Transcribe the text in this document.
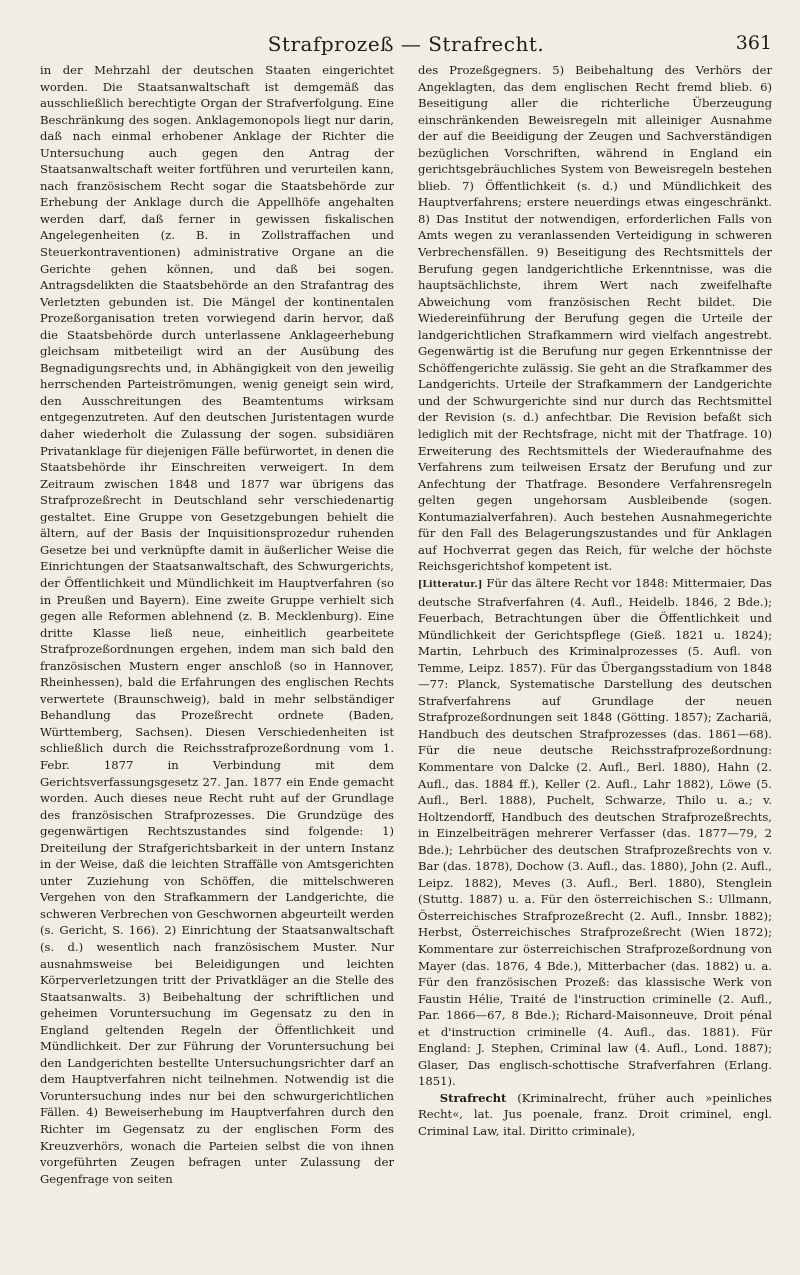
Strafprozeß — Strafrecht.	361

in der Mehrzahl der deutschen Staaten eingerichtet worden. Die Staatsanwaltschaft ist demgemäß das ausschließlich berechtigte Organ der Strafverfolgung. Eine Beschränkung des sogen. Anklagemonopols liegt nur darin, daß nach einmal erhobener Anklage der Richter die Untersuchung auch gegen den Antrag der Staatsanwaltschaft weiter fortführen und verurteilen kann, nach französischem Recht sogar die Staatsbehörde zur Erhebung der Anklage durch die Appellhöfe angehalten werden darf, daß ferner in gewissen fiskalischen Angelegenheiten (z. B. in Zollstraffachen und Steuerkontraventionen) administrative Organe an die Gerichte gehen können, und daß bei sogen. Antragsdelikten die Staatsbehörde an den Strafantrag des Verletzten gebunden ist. Die Mängel der kontinentalen Prozeßorganisation treten vorwiegend darin hervor, daß die Staatsbehörde durch unterlassene Anklageerhebung gleichsam mitbeteiligt wird an der Ausübung des Begnadigungsrechts und, in Abhängigkeit von den jeweilig herrschenden Parteiströmungen, wenig geneigt sein wird, den Ausschreitungen des Beamtentums wirksam entgegenzutreten. Auf den deutschen Juristentagen wurde daher wiederholt die Zulassung der sogen. subsidiären Privatanklage für diejenigen Fälle befürwortet, in denen die Staatsbehörde ihr Einschreiten verweigert. In dem Zeitraum zwischen 1848 und 1877 war übrigens das Strafprozeßrecht in Deutschland sehr verschiedenartig gestaltet. Eine Gruppe von Gesetzgebungen behielt die ältern, auf der Basis der Inquisitionsprozedur ruhenden Gesetze bei und verknüpfte damit in äußerlicher Weise die Einrichtungen der Staatsanwaltschaft, des Schwurgerichts, der Öffentlichkeit und Mündlichkeit im Hauptverfahren (so in Preußen und Bayern). Eine zweite Gruppe verhielt sich gegen alle Reformen ablehnend (z. B. Mecklenburg). Eine dritte Klasse ließ neue, einheitlich gearbeitete Strafprozeßordnungen ergehen, indem man sich bald den französischen Mustern enger anschloß (so in Hannover, Rheinhessen), bald die Erfahrungen des englischen Rechts verwertete (Braunschweig), bald in mehr selbständiger Behandlung das Prozeßrecht ordnete (Baden, Württemberg, Sachsen). Diesen Verschiedenheiten ist schließlich durch die Reichsstrafprozeßordnung vom 1. Febr. 1877 in Verbindung mit dem Gerichtsverfassungsgesetz 27. Jan. 1877 ein Ende gemacht worden. Auch dieses neue Recht ruht auf der Grundlage des französischen Strafprozesses. Die Grundzüge des gegenwärtigen Rechtszustandes sind folgende: 1) Dreiteilung der Strafgerichtsbarkeit in der untern Instanz in der Weise, daß die leichten Straffälle von Amtsgerichten unter Zuziehung von Schöffen, die mittelschweren Vergehen von den Strafkammern der Landgerichte, die schweren Verbrechen von Geschwornen abgeurteilt werden (s. Gericht, S. 166). 2) Einrichtung der Staatsanwaltschaft (s. d.) wesentlich nach französischem Muster. Nur ausnahmsweise bei Beleidigungen und leichten Körperverletzungen tritt der Privatkläger an die Stelle des Staatsanwalts. 3) Beibehaltung der schriftlichen und geheimen Voruntersuchung im Gegensatz zu den in England geltenden Regeln der Öffentlichkeit und Mündlichkeit. Der zur Führung der Voruntersuchung bei den Landgerichten bestellte Untersuchungsrichter darf an dem Hauptverfahren nicht teilnehmen. Notwendig ist die Voruntersuchung indes nur bei den schwurgerichtlichen Fällen. 4) Beweiserhebung im Hauptverfahren durch den Richter im Gegensatz zu der englischen Form des Kreuzverhörs, wonach die Parteien selbst die von ihnen vorgeführten Zeugen befragen unter Zulassung der Gegenfrage von seiten

des Prozeßgegners. 5) Beibehaltung des Verhörs der Angeklagten, das dem englischen Recht fremd blieb. 6) Beseitigung aller die richterliche Überzeugung einschränkenden Beweisregeln mit alleiniger Ausnahme der auf die Beeidigung der Zeugen und Sachverständigen bezüglichen Vorschriften, während in England ein gerichtsgebräuchliches System von Beweisregeln bestehen blieb. 7) Öffentlichkeit (s. d.) und Mündlichkeit des Hauptverfahrens; erstere neuerdings etwas eingeschränkt. 8) Das Institut der notwendigen, erforderlichen Falls von Amts wegen zu veranlassenden Verteidigung in schweren Verbrechensfällen. 9) Beseitigung des Rechtsmittels der Berufung gegen landgerichtliche Erkenntnisse, was die hauptsächlichste, ihrem Wert nach zweifelhafte Abweichung vom französischen Recht bildet. Die Wiedereinführung der Berufung gegen die Urteile der landgerichtlichen Strafkammern wird vielfach angestrebt. Gegenwärtig ist die Berufung nur gegen Erkenntnisse der Schöffengerichte zulässig. Sie geht an die Strafkammer des Landgerichts. Urteile der Strafkammern der Landgerichte und der Schwurgerichte sind nur durch das Rechtsmittel der Revision (s. d.) anfechtbar. Die Revision befaßt sich lediglich mit der Rechtsfrage, nicht mit der Thatfrage. 10) Erweiterung des Rechtsmittels der Wiederaufnahme des Verfahrens zum teilweisen Ersatz der Berufung und zur Anfechtung der Thatfrage. Besondere Verfahrensregeln gelten gegen ungehorsam Ausbleibende (sogen. Kontumazialverfahren). Auch bestehen Ausnahmegerichte für den Fall des Belagerungszustandes und für Anklagen auf Hochverrat gegen das Reich, für welche der höchste Reichsgerichtshof kompetent ist.

[Litteratur.] Für das ältere Recht vor 1848: Mittermaier, Das deutsche Strafverfahren (4. Aufl., Heidelb. 1846, 2 Bde.); Feuerbach, Betrachtungen über die Öffentlichkeit und Mündlichkeit der Gerichtspflege (Gieß. 1821 u. 1824); Martin, Lehrbuch des Kriminalprozesses (5. Aufl. von Temme, Leipz. 1857). Für das Übergangsstadium von 1848—77: Planck, Systematische Darstellung des deutschen Strafverfahrens auf Grundlage der neuen Strafprozeßordnungen seit 1848 (Götting. 1857); Zachariä, Handbuch des deutschen Strafprozesses (das. 1861—68). Für die neue deutsche Reichsstrafprozeßordnung: Kommentare von Dalcke (2. Aufl., Berl. 1880), Hahn (2. Aufl., das. 1884 ff.), Keller (2. Aufl., Lahr 1882), Löwe (5. Aufl., Berl. 1888), Puchelt, Schwarze, Thilo u. a.; v. Holtzendorff, Handbuch des deutschen Strafprozeßrechts, in Einzelbeiträgen mehrerer Verfasser (das. 1877—79, 2 Bde.); Lehrbücher des deutschen Strafprozeßrechts von v. Bar (das. 1878), Dochow (3. Aufl., das. 1880), John (2. Aufl., Leipz. 1882), Meves (3. Aufl., Berl. 1880), Stenglein (Stuttg. 1887) u. a. Für den österreichischen S.: Ullmann, Österreichisches Strafprozeßrecht (2. Aufl., Innsbr. 1882); Herbst, Österreichisches Strafprozeßrecht (Wien 1872); Kommentare zur österreichischen Strafprozeßordnung von Mayer (das. 1876, 4 Bde.), Mitterbacher (das. 1882) u. a. Für den französischen Prozeß: das klassische Werk von Faustin Hélie, Traité de l'instruction criminelle (2. Aufl., Par. 1866—67, 8 Bde.); Richard-Maisonneuve, Droit pénal et d'instruction criminelle (4. Aufl., das. 1881). Für England: J. Stephen, Criminal law (4. Aufl., Lond. 1887); Glaser, Das englisch-schottische Strafverfahren (Erlang. 1851).

Strafrecht (Kriminalrecht, früher auch »peinliches Recht«, lat. Jus poenale, franz. Droit criminel, engl. Criminal Law, ital. Diritto criminale),
